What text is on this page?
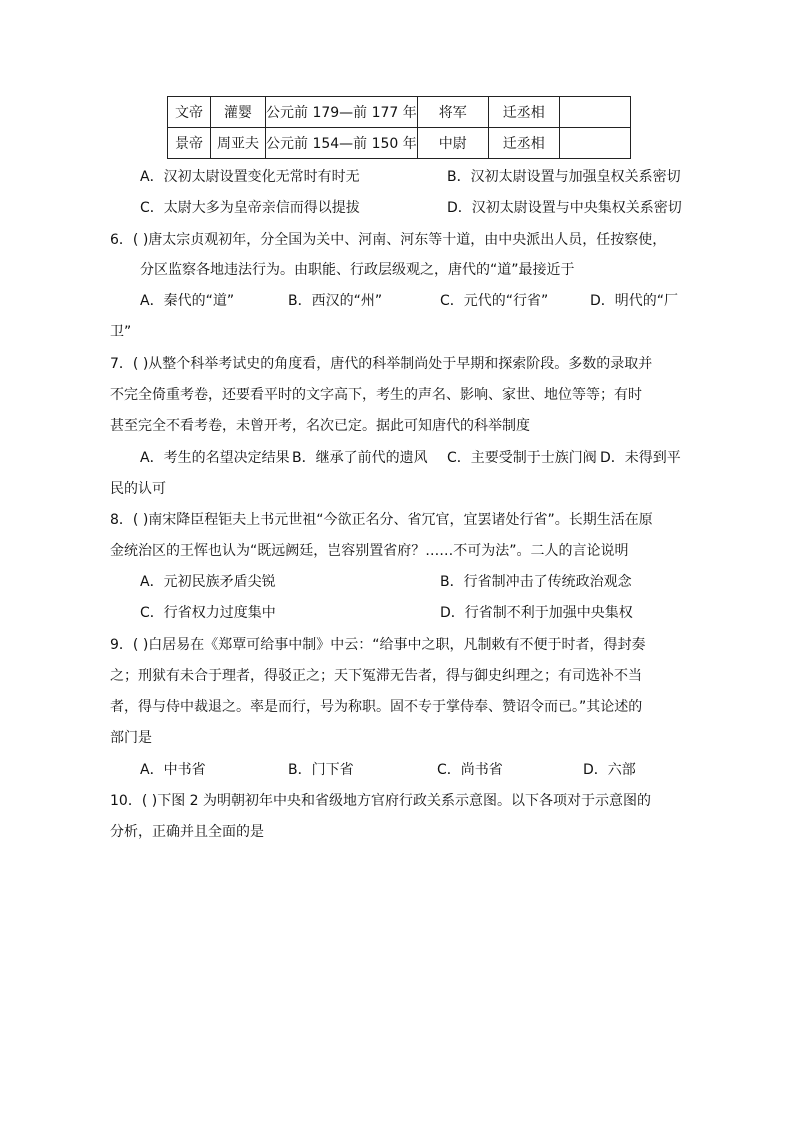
文帝	灌婴	公元前 179—前 177 年	将军	迁丞相	
景帝	周亚夫	公元前 154—前 150 年	中尉	迁丞相	
A．汉初太尉设置变化无常时有时无	B．汉初太尉设置与加强皇权关系密切
C．太尉大多为皇帝亲信而得以提拔	D．汉初太尉设置与中央集权关系密切
6．( )唐太宗贞观初年，分全国为关中、河南、河东等十道，由中央派出人员，任按察使，
分区监察各地违法行为。由职能、行政层级观之，唐代的“道”最接近于
A．秦代的“道”	B．西汉的“州”	C．元代的“行省”	D．明代的“厂
卫”
7．( )从整个科举考试史的角度看，唐代的科举制尚处于早期和探索阶段。多数的录取并
不完全倚重考卷，还要看平时的文字高下，考生的声名、影响、家世、地位等等；有时
甚至完全不看考卷，未曾开考，名次已定。据此可知唐代的科举制度
A．考生的名望决定结果 B．继承了前代的遗风 C．主要受制于士族门阀 D．未得到平
民的认可
8．( )南宋降臣程钜夫上书元世祖“今欲正名分、省冗官，宜罢诸处行省”。长期生活在原
金统治区的王恽也认为“既远阙廷，岂容别置省府？……不可为法”。二人的言论说明
A．元初民族矛盾尖锐	B．行省制冲击了传统政治观念
C．行省权力过度集中	D．行省制不利于加强中央集权
9．( )白居易在《郑覃可给事中制》中云：“给事中之职，凡制敕有不便于时者，得封奏
之；刑狱有未合于理者，得驳正之；天下冤滞无告者，得与御史纠理之；有司选补不当
者，得与侍中裁退之。率是而行，号为称职。固不专于掌侍奉、赞诏令而已。”其论述的
部门是
A．中书省	B．门下省	C．尚书省	D．六部
10．( )下图 2 为明朝初年中央和省级地方官府行政关系示意图。以下各项对于示意图的
分析，正确并且全面的是
